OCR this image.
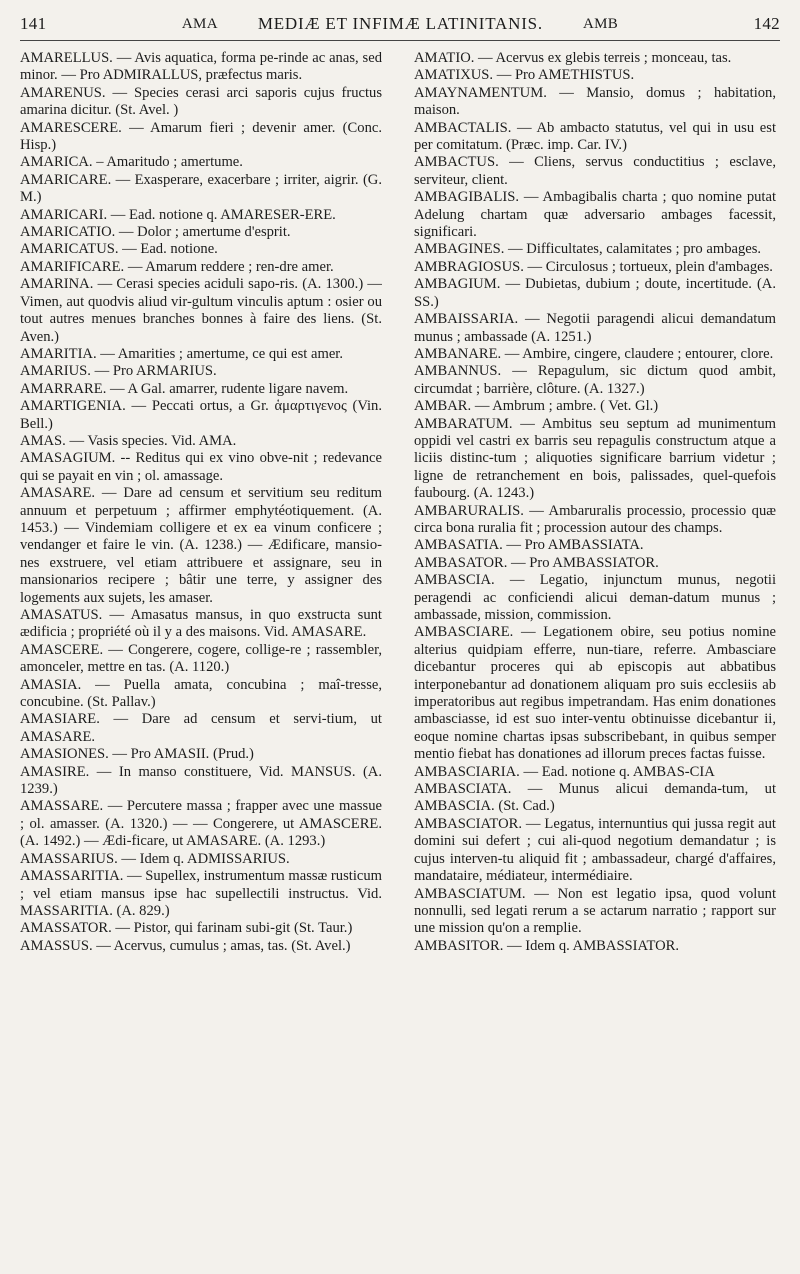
141	AMA MEDIÆ ET INFIMÆ LATINITANIS.	AMB	142

AMARELLUS. — Avis aquatica, forma pe-rinde ac anas, sed minor. — Pro ADMIRALLUS, præfectus maris.

AMARENUS. — Species cerasi arci saporis cujus fructus amarina dicitur. (St. Avel. )

AMARESCERE. — Amarum fieri ; devenir amer. (Conc. Hisp.)

AMARICA. – Amaritudo ; amertume.

AMARICARE. — Exasperare, exacerbare ; irriter, aigrir. (G. M.)

AMARICARI. — Ead. notione q. AMARESER-ERE.

AMARICATIO. — Dolor ; amertume d'esprit.

AMARICATUS. — Ead. notione.

AMARIFICARE. — Amarum reddere ; ren-dre amer.

AMARINA. — Cerasi species aciduli sapo-ris. (A. 1300.) — Vimen, aut quodvis aliud vir-gultum vinculis aptum : osier ou tout autres menues branches bonnes à faire des liens. (St. Aven.)

AMARITIA. — Amarities ; amertume, ce qui est amer.

AMARIUS. — Pro ARMARIUS.

AMARRARE. — A Gal. amarrer, rudente ligare navem.

AMARTIGENIA. — Peccati ortus, a Gr. ἁμαρτιγενος (Vin. Bell.)

AMAS. — Vasis species. Vid. AMA.

AMASAGIUM. -- Reditus qui ex vino obve-nit ; redevance qui se payait en vin ; ol. amassage.

AMASARE. — Dare ad censum et servitium seu reditum annuum et perpetuum ; affirmer emphytéotiquement. (A. 1453.) — Vindemiam colligere et ex ea vinum conficere ; vendanger et faire le vin. (A. 1238.) — Ædificare, mansio-nes exstruere, vel etiam attribuere et assignare, seu in mansionarios recipere ; bâtir une terre, y assigner des logements aux sujets, les amaser.

AMASATUS. — Amasatus mansus, in quo exstructa sunt ædificia ; propriété où il y a des maisons. Vid. AMASARE.

AMASCERE. — Congerere, cogere, collige-re ; rassembler, amonceler, mettre en tas. (A. 1120.)

AMASIA. — Puella amata, concubina ; maî-tresse, concubine. (St. Pallav.)

AMASIARE. — Dare ad censum et servi-tium, ut AMASARE.

AMASIONES. — Pro AMASII. (Prud.)

AMASIRE. — In manso constituere, Vid. MANSUS. (A. 1239.)

AMASSARE. — Percutere massa ; frapper avec une massue ; ol. amasser. (A. 1320.) — — Congerere, ut AMASCERE. (A. 1492.) — Ædi-ficare, ut AMASARE. (A. 1293.)

AMASSARIUS. — Idem q. ADMISSARIUS.

AMASSARITIA. — Supellex, instrumentum massæ rusticum ; vel etiam mansus ipse hac supellectili instructus. Vid. MASSARITIA. (A. 829.)

AMASSATOR. — Pistor, qui farinam subi-git (St. Taur.)

AMASSUS. — Acervus, cumulus ; amas, tas. (St. Avel.)

AMATIO. — Acervus ex glebis terreis ; monceau, tas.

AMATIXUS. — Pro AMETHISTUS.

AMAYNAMENTUM. — Mansio, domus ; habitation, maison.

AMBACTALIS. — Ab ambacto statutus, vel qui in usu est per comitatum. (Præc. imp. Car. IV.)

AMBACTUS. — Cliens, servus conductitius ; esclave, serviteur, client.

AMBAGIBALIS. — Ambagibalis charta ; quo nomine putat Adelung chartam quæ adversario ambages facessit, significari.

AMBAGINES. — Difficultates, calamitates ; pro ambages.

AMBRAGIOSUS. — Circulosus ; tortueux, plein d'ambages.

AMBAGIUM. — Dubietas, dubium ; doute, incertitude. (A. SS.)

AMBAISSARIA. — Negotii paragendi alicui demandatum munus ; ambassade (A. 1251.)

AMBANARE. — Ambire, cingere, claudere ; entourer, clore.

AMBANNUS. — Repagulum, sic dictum quod ambit, circumdat ; barrière, clôture. (A. 1327.)

AMBAR. — Ambrum ; ambre. ( Vet. Gl.)

AMBARATUM. — Ambitus seu septum ad munimentum oppidi vel castri ex barris seu repagulis constructum atque a liciis distinc-tum ; aliquoties significare barrium videtur ; ligne de retranchement en bois, palissades, quel-quefois faubourg. (A. 1243.)

AMBARURALIS. — Ambaruralis processio, processio quæ circa bona ruralia fit ; procession autour des champs.

AMBASATIA. — Pro AMBASSIATA.

AMBASATOR. — Pro AMBASSIATOR.

AMBASCIA. — Legatio, injunctum munus, negotii peragendi ac conficiendi alicui deman-datum munus ; ambassade, mission, commission.

AMBASCIARE. — Legationem obire, seu potius nomine alterius quidpiam efferre, nun-tiare, referre. Ambasciare dicebantur proceres qui ab episcopis aut abbatibus interponebantur ad donationem aliquam pro suis ecclesiis ab imperatoribus aut regibus impetrandam. Has enim donationes ambasciasse, id est suo inter-ventu obtinuisse dicebantur ii, eoque nomine chartas ipsas subscribebant, in quibus semper mentio fiebat has donationes ad illorum preces factas fuisse.

AMBASCIARIA. — Ead. notione q. AMBAS-CIA

AMBASCIATA. — Munus alicui demanda-tum, ut AMBASCIA. (St. Cad.)

AMBASCIATOR. — Legatus, internuntius qui jussa regit aut domini sui defert ; cui ali-quod negotium demandatur ; is cujus interven-tu aliquid fit ; ambassadeur, chargé d'affaires, mandataire, médiateur, intermédiaire.

AMBASCIATUM. — Non est legatio ipsa, quod volunt nonnulli, sed legati rerum a se actarum narratio ; rapport sur une mission qu'on a remplie.

AMBASITOR. — Idem q. AMBASSIATOR.
